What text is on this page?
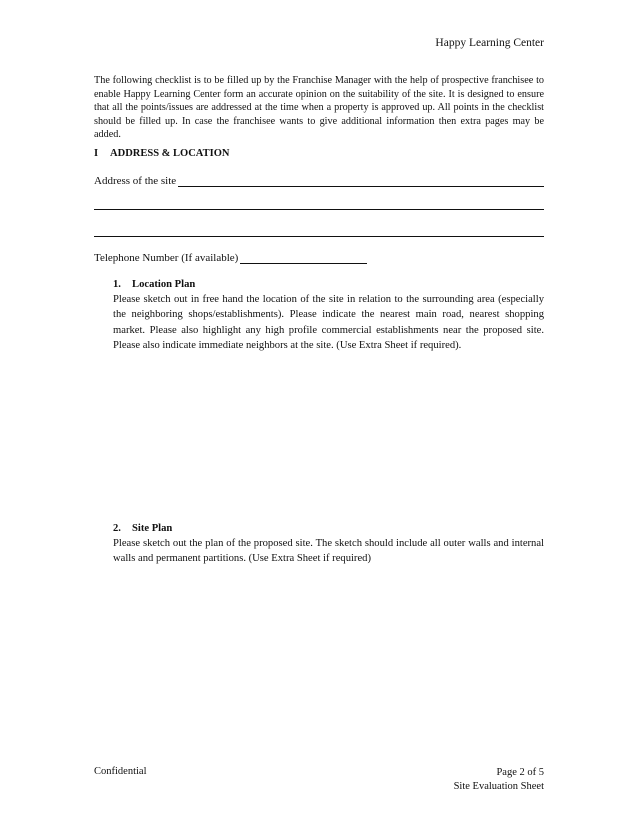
Happy Learning Center
The following checklist is to be filled up by the Franchise Manager with the help of prospective franchisee to enable Happy Learning Center form an accurate opinion on the suitability of the site. It is designed to ensure that all the points/issues are addressed at the time when a property is approved up. All points in the checklist should be filled up. In case the franchisee wants to give additional information then extra pages may be added.
I ADDRESS & LOCATION
Address of the site
Telephone Number (If available)
1. Location Plan
Please sketch out in free hand the location of the site in relation to the surrounding area (especially the neighboring shops/establishments). Please indicate the nearest main road, nearest shopping market. Please also highlight any high profile commercial establishments near the proposed site. Please also indicate immediate neighbors at the site. (Use Extra Sheet if required).
2. Site Plan
Please sketch out the plan of the proposed site. The sketch should include all outer walls and internal walls and permanent partitions. (Use Extra Sheet if required)
Confidential	Page 2 of 5
Site Evaluation Sheet
